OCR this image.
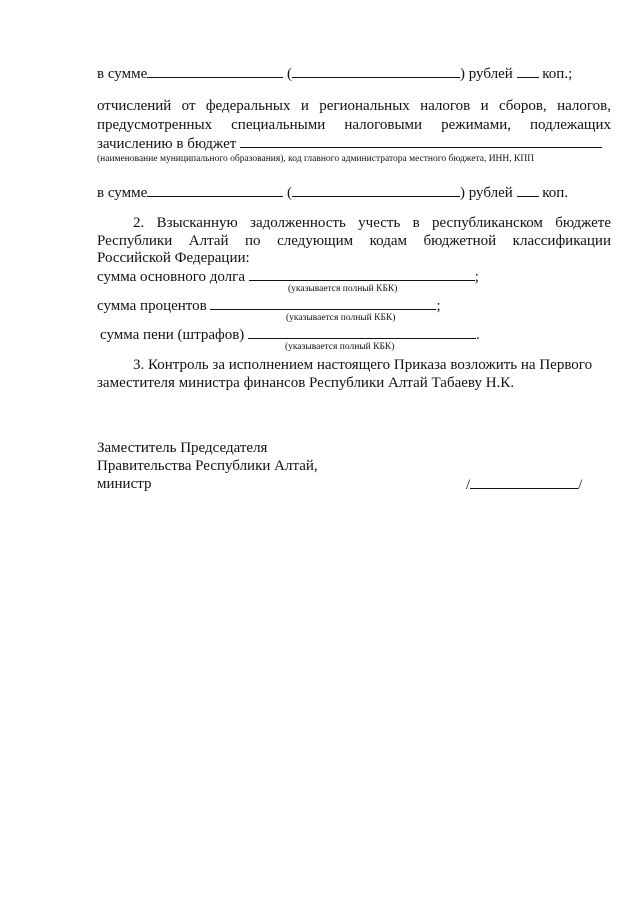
в сумме	(	) рублей коп.;
отчислений от федеральных и региональных налогов и сборов, налогов,
предусмотренных специальными налоговыми режимами, подлежащих
зачислению в бюджет
(наименование муниципального образования), код главного администратора местного бюджета, ИНН, КПП
в сумме	(	) рублей коп.
2. Взысканную задолженность учесть в республиканском бюджете
Республики Алтай по следующим кодам бюджетной классификации
Российской Федерации:
сумма основного долга	;
(указывается полный КБК)
сумма процентов	;
(указывается полный КБК)
сумма пени (штрафов)	.
(указывается полный КБК)
3. Контроль за исполнением настоящего Приказа возложить на Первого
заместителя министра финансов Республики Алтай Табаеву Н.К.
Заместитель Председателя
Правительства Республики Алтай,
министр	/	/
